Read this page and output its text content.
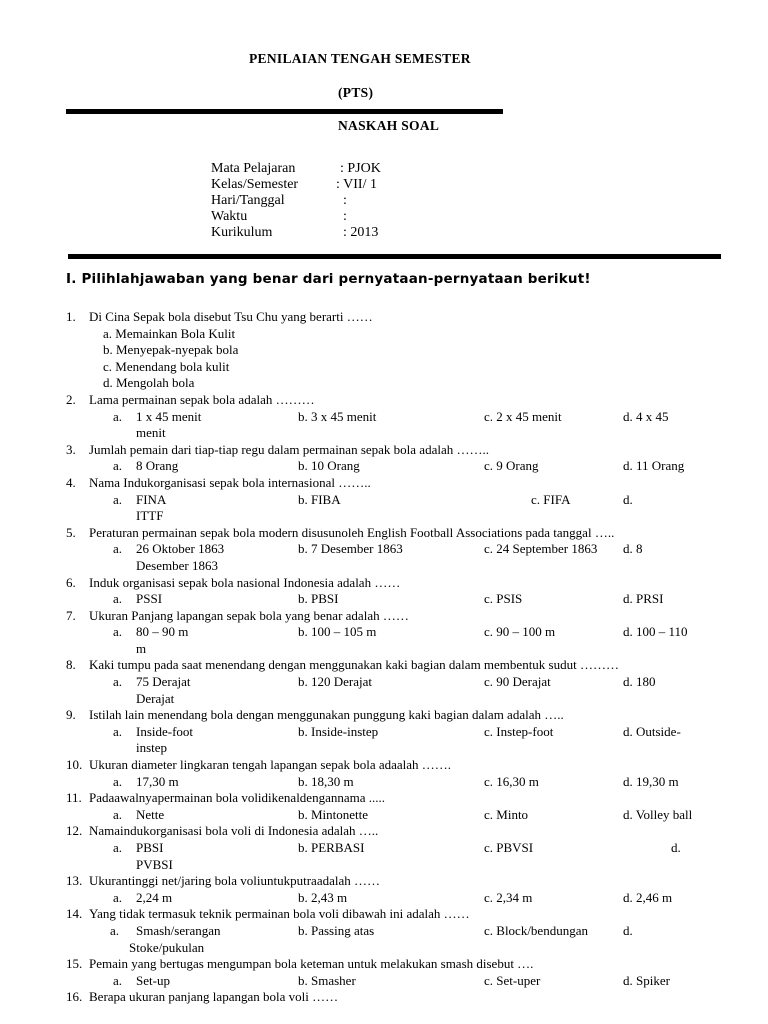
PENILAIAN TENGAH SEMESTER
(PTS)
NASKAH SOAL
Mata Pelajaran	: PJOK
Kelas/Semester	: VII/ 1
Hari/Tanggal	:
Waktu	:
Kurikulum	: 2013
I. Pilihlahjawaban yang benar dari pernyataan-pernyataan berikut!
1.	Di Cina Sepak bola disebut Tsu Chu yang berarti ……
a. Memainkan Bola Kulit
b. Menyepak-nyepak bola
c. Menendang bola kulit
d. Mengolah bola
2.	Lama permainan sepak bola adalah ………
a. 1 x 45 menit	b. 3 x 45 menit	c. 2 x 45 menit	d. 4 x 45
menit
3.	Jumlah pemain dari tiap-tiap regu dalam permainan sepak bola adalah ……..
a. 8 Orang	b. 10 Orang	c. 9 Orang	d. 11 Orang
4.	Nama Indukorganisasi sepak bola internasional ……..
a. FINA	b. FIBA	c. FIFA	d.
ITTF
5.	Peraturan permainan sepak bola modern disusunoleh English Football Associations pada tanggal …..
a. 26 Oktober 1863	b. 7 Desember 1863	c. 24 September 1863 d. 8
Desember 1863
6.	Induk organisasi sepak bola nasional Indonesia adalah ……
a. PSSI	b. PBSI	c. PSIS	d. PRSI
7.	Ukuran Panjang lapangan sepak bola yang benar adalah ……
a. 80 – 90 m	b. 100 – 105 m	c. 90 – 100 m	d. 100 – 110
m
8.	Kaki tumpu pada saat menendang dengan menggunakan kaki bagian dalam membentuk sudut ………
a. 75 Derajat	b. 120 Derajat	c. 90 Derajat	d. 180
Derajat
9.	Istilah lain menendang bola dengan menggunakan punggung kaki bagian dalam adalah …..
a. Inside-foot	b. Inside-instep	c. Instep-foot	d. Outside-
instep
10. Ukuran diameter lingkaran tengah lapangan sepak bola adaalah …….
a. 17,30 m	b. 18,30 m	c. 16,30 m	d. 19,30 m
11. Padaawalnyapermainan bola volidikenaldengannama .....
a. Nette	b. Mintonette	c. Minto	d. Volley ball
12. Namaindukorganisasi bola voli di Indonesia adalah …..
a. PBSI	b. PERBASI	c. PBVSI	d.
PVBSI
13. Ukurantinggi net/jaring bola voliuntukputraadalah ……
a. 2,24 m	b. 2,43 m	c. 2,34 m	d. 2,46 m
14. Yang tidak termasuk teknik permainan bola voli dibawah ini adalah ……
a. Smash/serangan	b. Passing atas	c. Block/bendungan	d.
Stoke/pukulan
15. Pemain yang bertugas mengumpan bola keteman untuk melakukan smash disebut ….
a. Set-up	b. Smasher	c. Set-uper	d. Spiker
16. Berapa ukuran panjang lapangan bola voli ……
